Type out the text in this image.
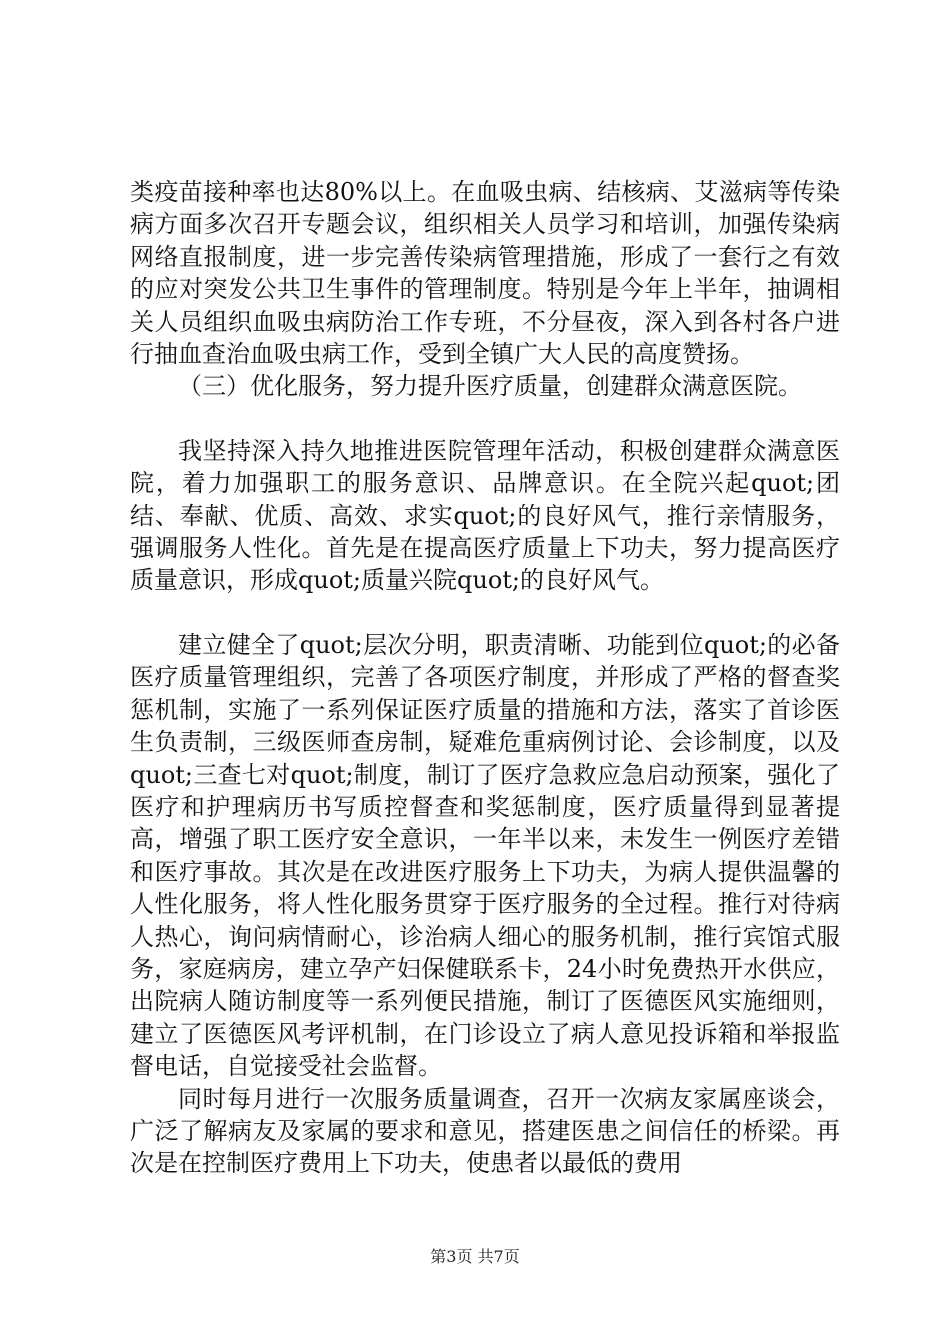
类疫苗接种率也达80%以上。在血吸虫病、结核病、艾滋病等传染病方面多次召开专题会议，组织相关人员学习和培训，加强传染病网络直报制度，进一步完善传染病管理措施，形成了一套行之有效的应对突发公共卫生事件的管理制度。特别是今年上半年，抽调相关人员组织血吸虫病防治工作专班，不分昼夜，深入到各村各户进行抽血查治血吸虫病工作，受到全镇广大人民的高度赞扬。

（三）优化服务，努力提升医疗质量，创建群众满意医院。

我坚持深入持久地推进医院管理年活动，积极创建群众满意医院，着力加强职工的服务意识、品牌意识。在全院兴起quot;团结、奉献、优质、高效、求实quot;的良好风气，推行亲情服务，强调服务人性化。首先是在提高医疗质量上下功夫，努力提高医疗质量意识，形成quot;质量兴院quot;的良好风气。

建立健全了quot;层次分明，职责清晰、功能到位quot;的必备医疗质量管理组织，完善了各项医疗制度，并形成了严格的督查奖惩机制，实施了一系列保证医疗质量的措施和方法，落实了首诊医生负责制，三级医师查房制，疑难危重病例讨论、会诊制度，以及quot;三查七对quot;制度，制订了医疗急救应急启动预案，强化了医疗和护理病历书写质控督查和奖惩制度，医疗质量得到显著提高，增强了职工医疗安全意识，一年半以来，未发生一例医疗差错和医疗事故。其次是在改进医疗服务上下功夫，为病人提供温馨的人性化服务，将人性化服务贯穿于医疗服务的全过程。推行对待病人热心，询问病情耐心，诊治病人细心的服务机制，推行宾馆式服务，家庭病房，建立孕产妇保健联系卡，24小时免费热开水供应，出院病人随访制度等一系列便民措施，制订了医德医风实施细则，建立了医德医风考评机制，在门诊设立了病人意见投诉箱和举报监督电话，自觉接受社会监督。

同时每月进行一次服务质量调查，召开一次病友家属座谈会，广泛了解病友及家属的要求和意见，搭建医患之间信任的桥梁。再次是在控制医疗费用上下功夫，使患者以最低的费用

第3页 共7页
